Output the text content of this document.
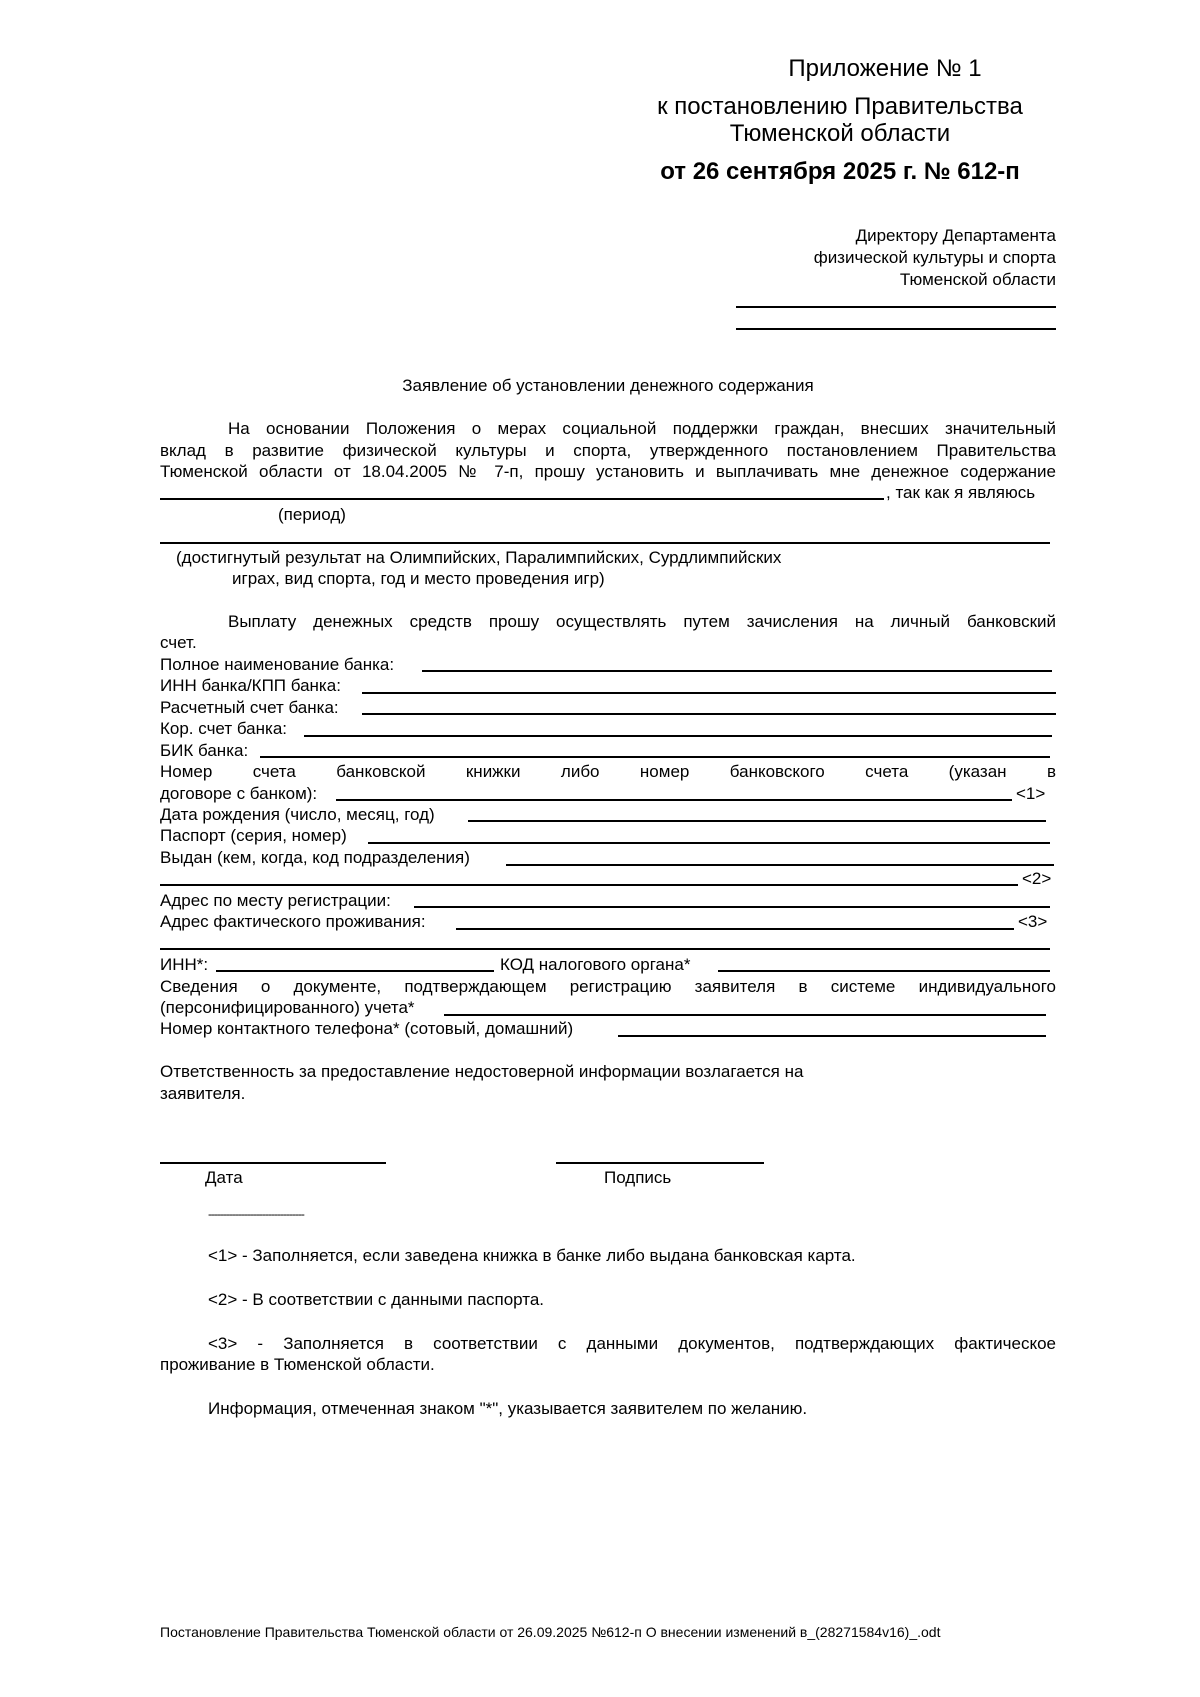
Приложение № 1
к постановлению Правительства
Тюменской области
от 26 сентября 2025 г. № 612-п
Директору Департамента
физической культуры и спорта
Тюменской области
Заявление об установлении денежного содержания
На основании Положения о мерах социальной поддержки граждан, внесших значительный
вклад в развитие физической культуры и спорта, утвержденного постановлением Правительства
Тюменской области от 18.04.2005 № 7-п, прошу установить и выплачивать мне денежное содержание
, так как я являюсь
(период)
(достигнутый результат на Олимпийских, Паралимпийских, Сурдлимпийских
играх, вид спорта, год и место проведения игр)
Выплату денежных средств прошу осуществлять путем зачисления на личный банковский
счет.
Полное наименование банка:
ИНН банка/КПП банка:
Расчетный счет банка:
Кор. счет банка:
БИК банка:
Номер счета банковской книжки либо номер банковского счета (указан в
договоре с банком):	<1>
Дата рождения (число, месяц, год)
Паспорт (серия, номер)
Выдан (кем, когда, код подразделения)
<2>
Адрес по месту регистрации:
Адрес фактического проживания:	<3>
ИНН*:	КОД налогового органа*
Сведения о документе, подтверждающем регистрацию заявителя в системе индивидуального
(персонифицированного) учета*
Номер контактного телефона* (сотовый, домашний)
Ответственность за предоставление недостоверной информации возлагается на
заявителя.
Дата	Подпись
--------------------------------
<1> - Заполняется, если заведена книжка в банке либо выдана банковская карта.
<2> - В соответствии с данными паспорта.
<3> - Заполняется в соответствии с данными документов, подтверждающих фактическое
проживание в Тюменской области.
Информация, отмеченная знаком "*", указывается заявителем по желанию.
Постановление Правительства Тюменской области от 26.09.2025 №612-п О внесении изменений в_(28271584v16)_.odt
